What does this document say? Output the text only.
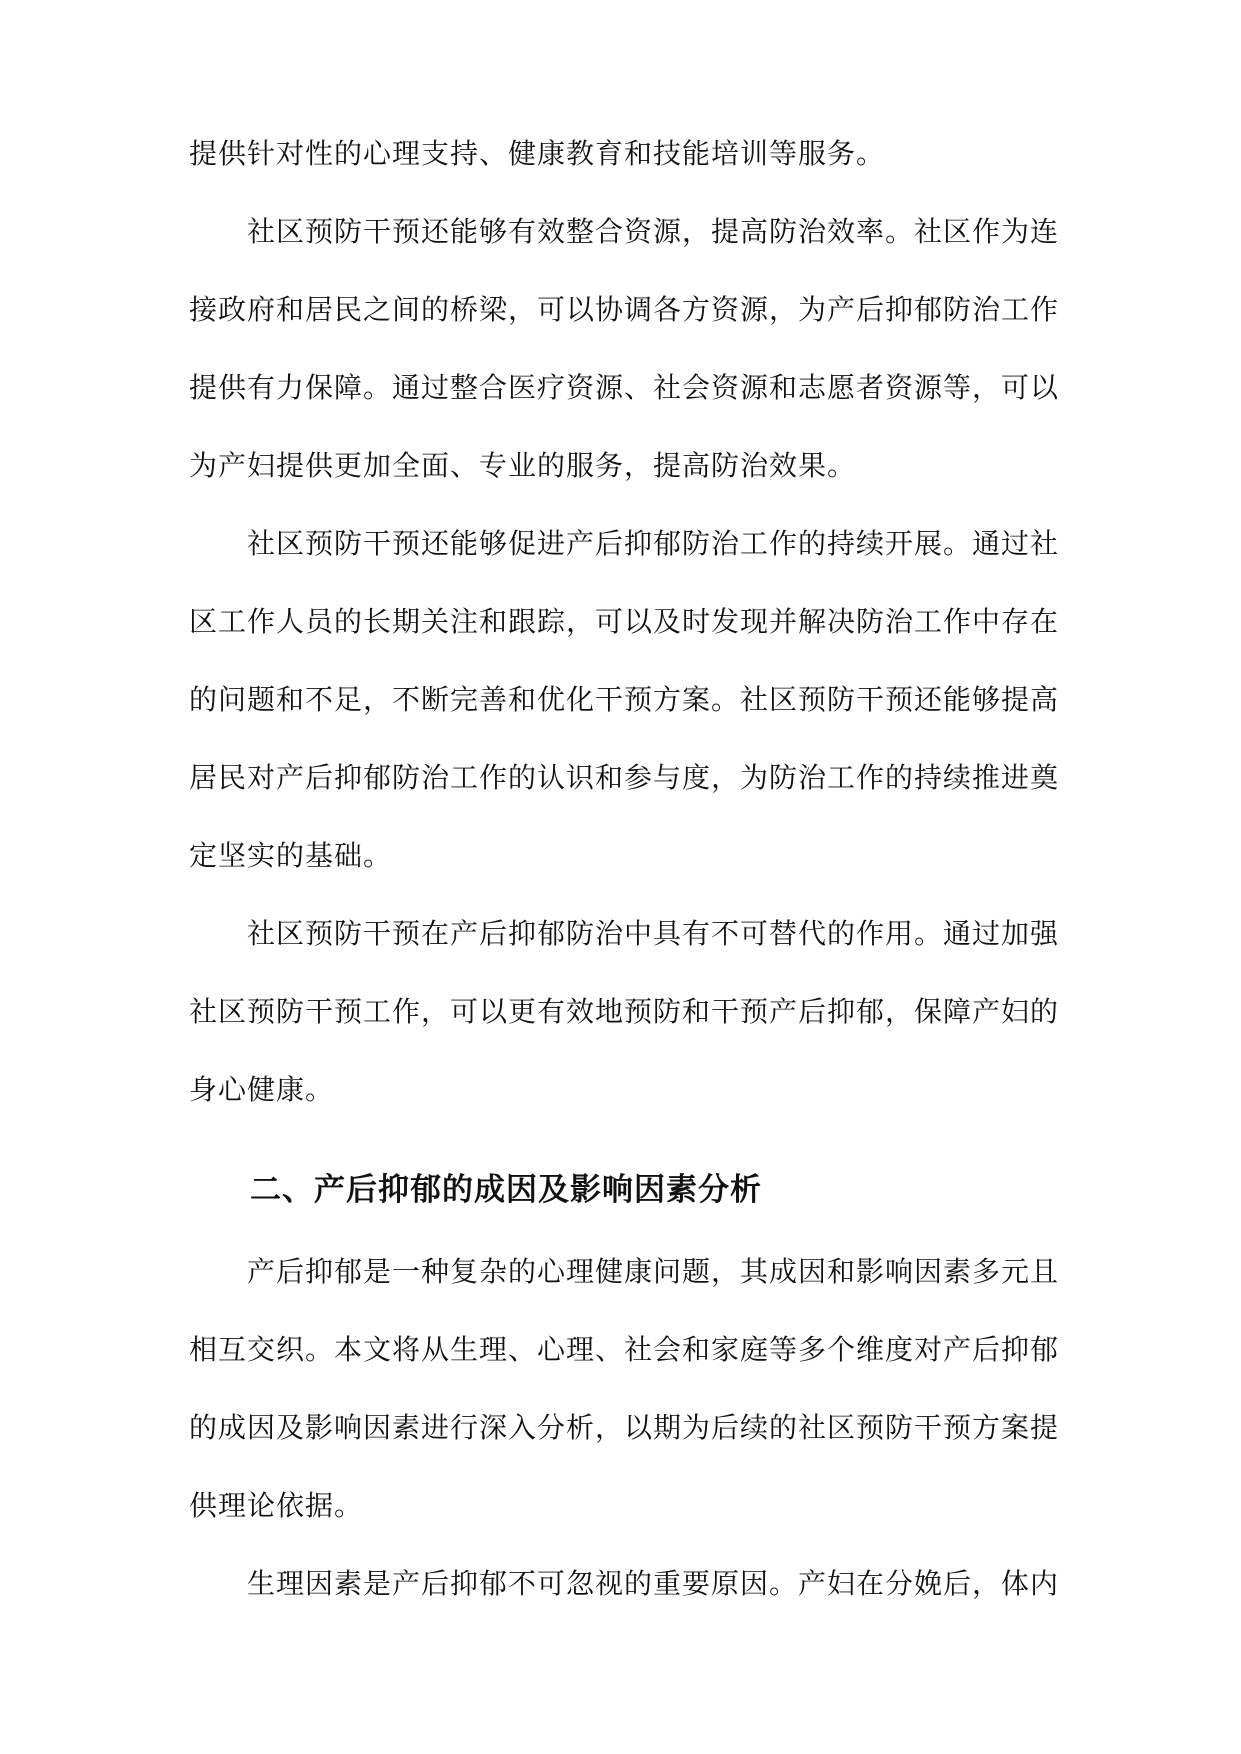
提供针对性的心理支持、健康教育和技能培训等服务。
社区预防干预还能够有效整合资源，提高防治效率。社区作为连
接政府和居民之间的桥梁，可以协调各方资源，为产后抑郁防治工作
提供有力保障。通过整合医疗资源、社会资源和志愿者资源等，可以
为产妇提供更加全面、专业的服务，提高防治效果。
社区预防干预还能够促进产后抑郁防治工作的持续开展。通过社
区工作人员的长期关注和跟踪，可以及时发现并解决防治工作中存在
的问题和不足，不断完善和优化干预方案。社区预防干预还能够提高
居民对产后抑郁防治工作的认识和参与度，为防治工作的持续推进奠
定坚实的基础。
社区预防干预在产后抑郁防治中具有不可替代的作用。通过加强
社区预防干预工作，可以更有效地预防和干预产后抑郁，保障产妇的
身心健康。
二、产后抑郁的成因及影响因素分析
产后抑郁是一种复杂的心理健康问题，其成因和影响因素多元且
相互交织。本文将从生理、心理、社会和家庭等多个维度对产后抑郁
的成因及影响因素进行深入分析，以期为后续的社区预防干预方案提
供理论依据。
生理因素是产后抑郁不可忽视的重要原因。产妇在分娩后，体内
